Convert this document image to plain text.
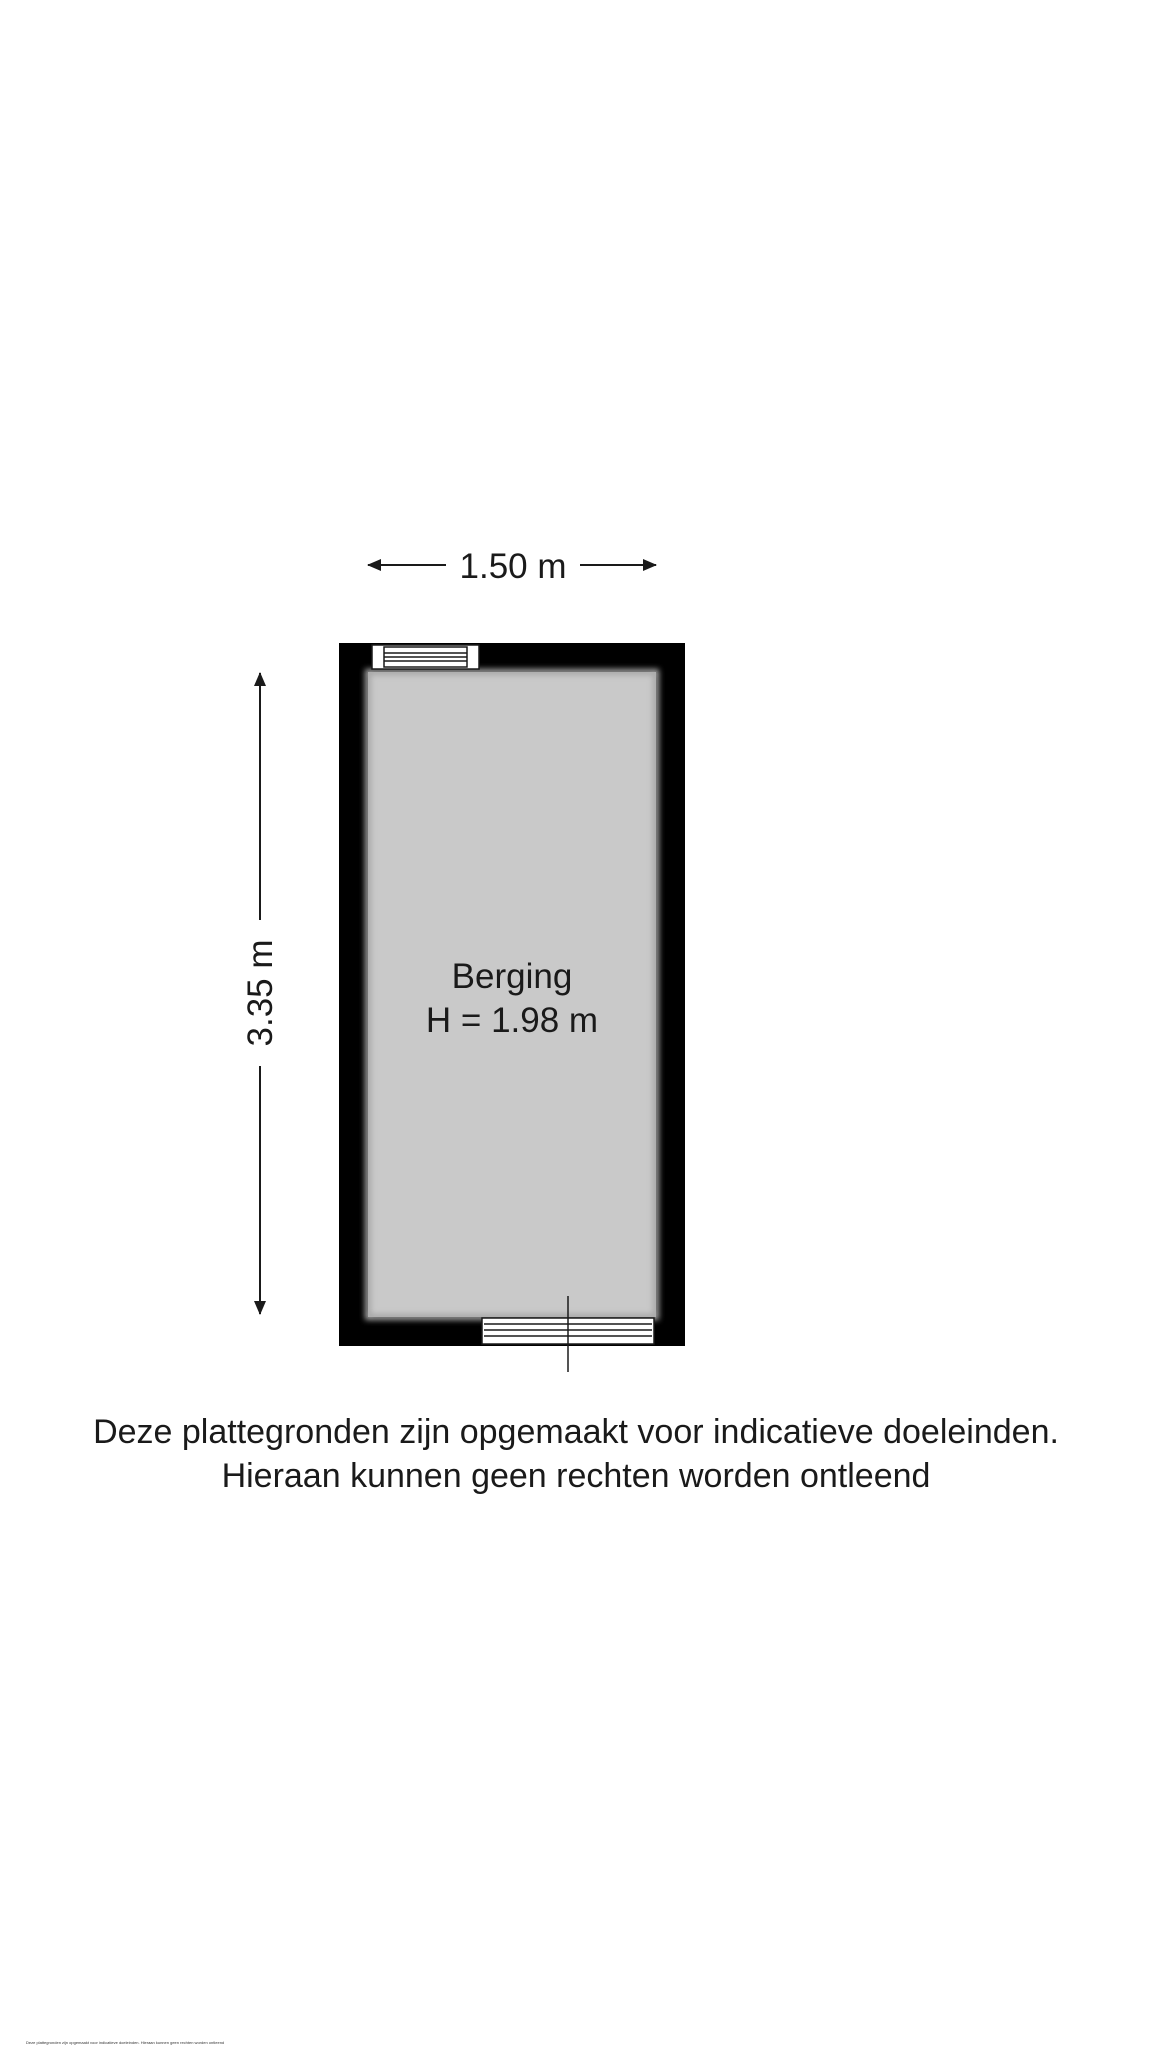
1.50 m
3.35 m	Berging
H = 1.98 m
Deze plattegronden zijn opgemaakt voor indicatieve doeleinden.
Hieraan kunnen geen rechten worden ontleend
Deze plattegronden zijn opgemaakt voor indicatieve doeleinden. Hieraan kunnen geen rechten worden ontleend
